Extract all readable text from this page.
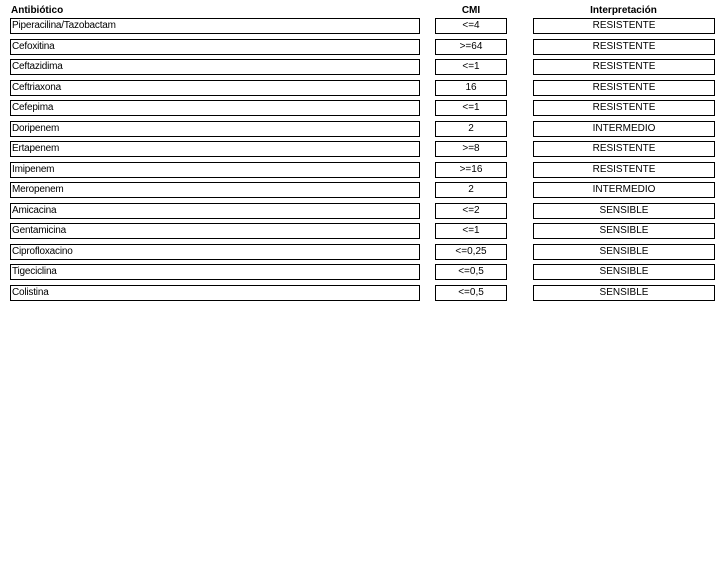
Antibiótico	CMI	Interpretación
Piperacilina/Tazobactam	<=4	RESISTENTE
Cefoxitina	>=64	RESISTENTE
Ceftazidima	<=1	RESISTENTE
Ceftriaxona	16	RESISTENTE
Cefepima	<=1	RESISTENTE
Doripenem	2	INTERMEDIO
Ertapenem	>=8	RESISTENTE
Imipenem	>=16	RESISTENTE
Meropenem	2	INTERMEDIO
Amicacina	<=2	SENSIBLE
Gentamicina	<=1	SENSIBLE
Ciprofloxacino	<=0,25	SENSIBLE
Tigeciclina	<=0,5	SENSIBLE
Colistina	<=0,5	SENSIBLE
